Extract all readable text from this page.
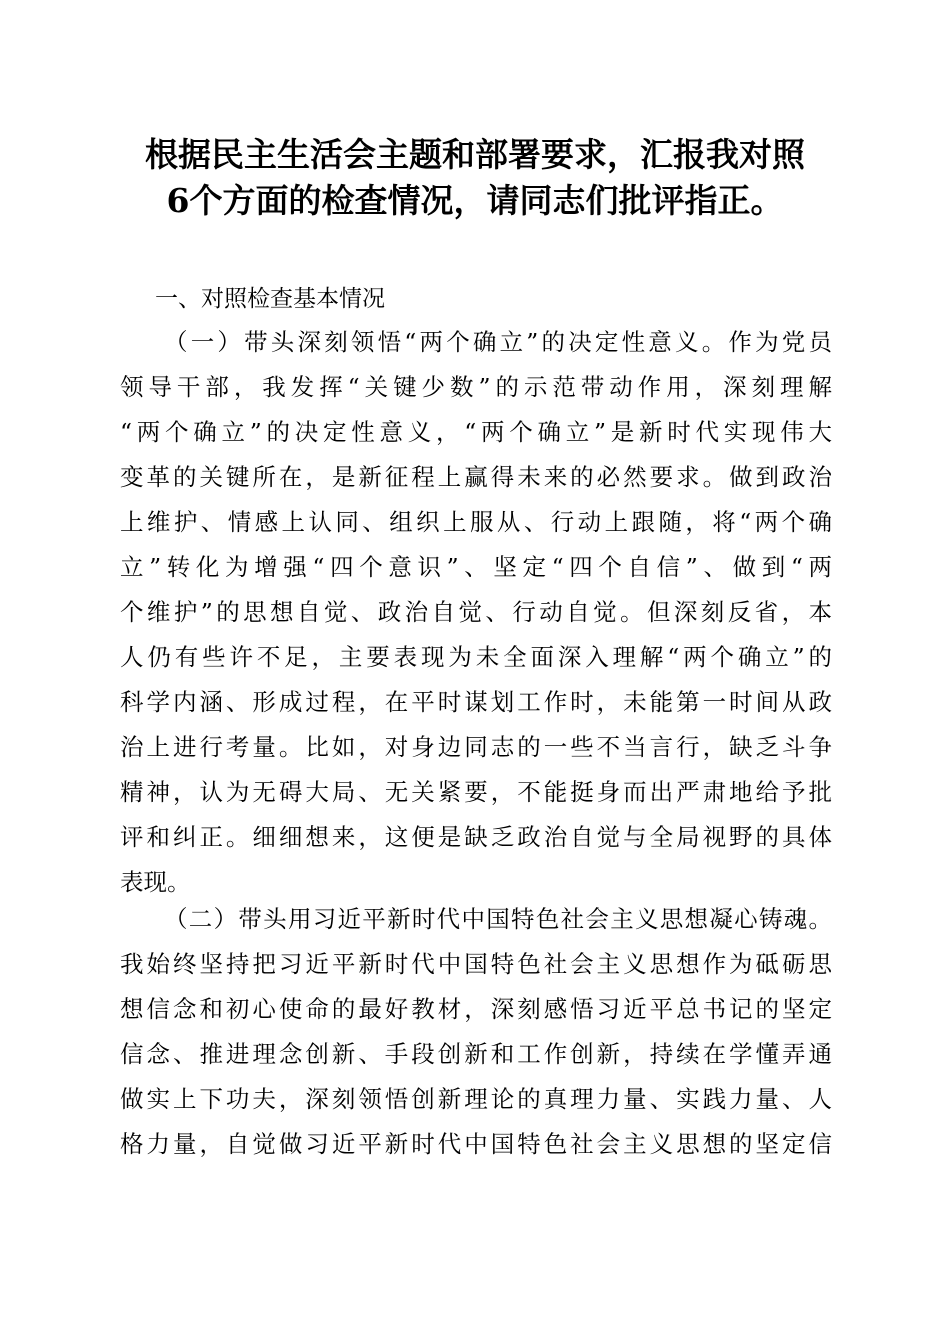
根据民主生活会主题和部署要求，汇报我对照
6个方面的检查情况，请同志们批评指正。
一、对照检查基本情况
（一）带头深刻领悟“两个确立”的决定性意义。作为党员
领导干部，我发挥“关键少数”的示范带动作用，深刻理解
“两个确立”的决定性意义，“两个确立”是新时代实现伟大
变革的关键所在，是新征程上赢得未来的必然要求。做到政治
上维护、情感上认同、组织上服从、行动上跟随，将“两个确
立”转化为增强“四个意识”、坚定“四个自信”、做到“两
个维护”的思想自觉、政治自觉、行动自觉。但深刻反省，本
人仍有些许不足，主要表现为未全面深入理解“两个确立”的
科学内涵、形成过程，在平时谋划工作时，未能第一时间从政
治上进行考量。比如，对身边同志的一些不当言行，缺乏斗争
精神，认为无碍大局、无关紧要，不能挺身而出严肃地给予批
评和纠正。细细想来，这便是缺乏政治自觉与全局视野的具体
表现。
（二）带头用习近平新时代中国特色社会主义思想凝心铸魂。
我始终坚持把习近平新时代中国特色社会主义思想作为砥砺思
想信念和初心使命的最好教材，深刻感悟习近平总书记的坚定
信念、推进理念创新、手段创新和工作创新，持续在学懂弄通
做实上下功夫，深刻领悟创新理论的真理力量、实践力量、人
格力量，自觉做习近平新时代中国特色社会主义思想的坚定信
